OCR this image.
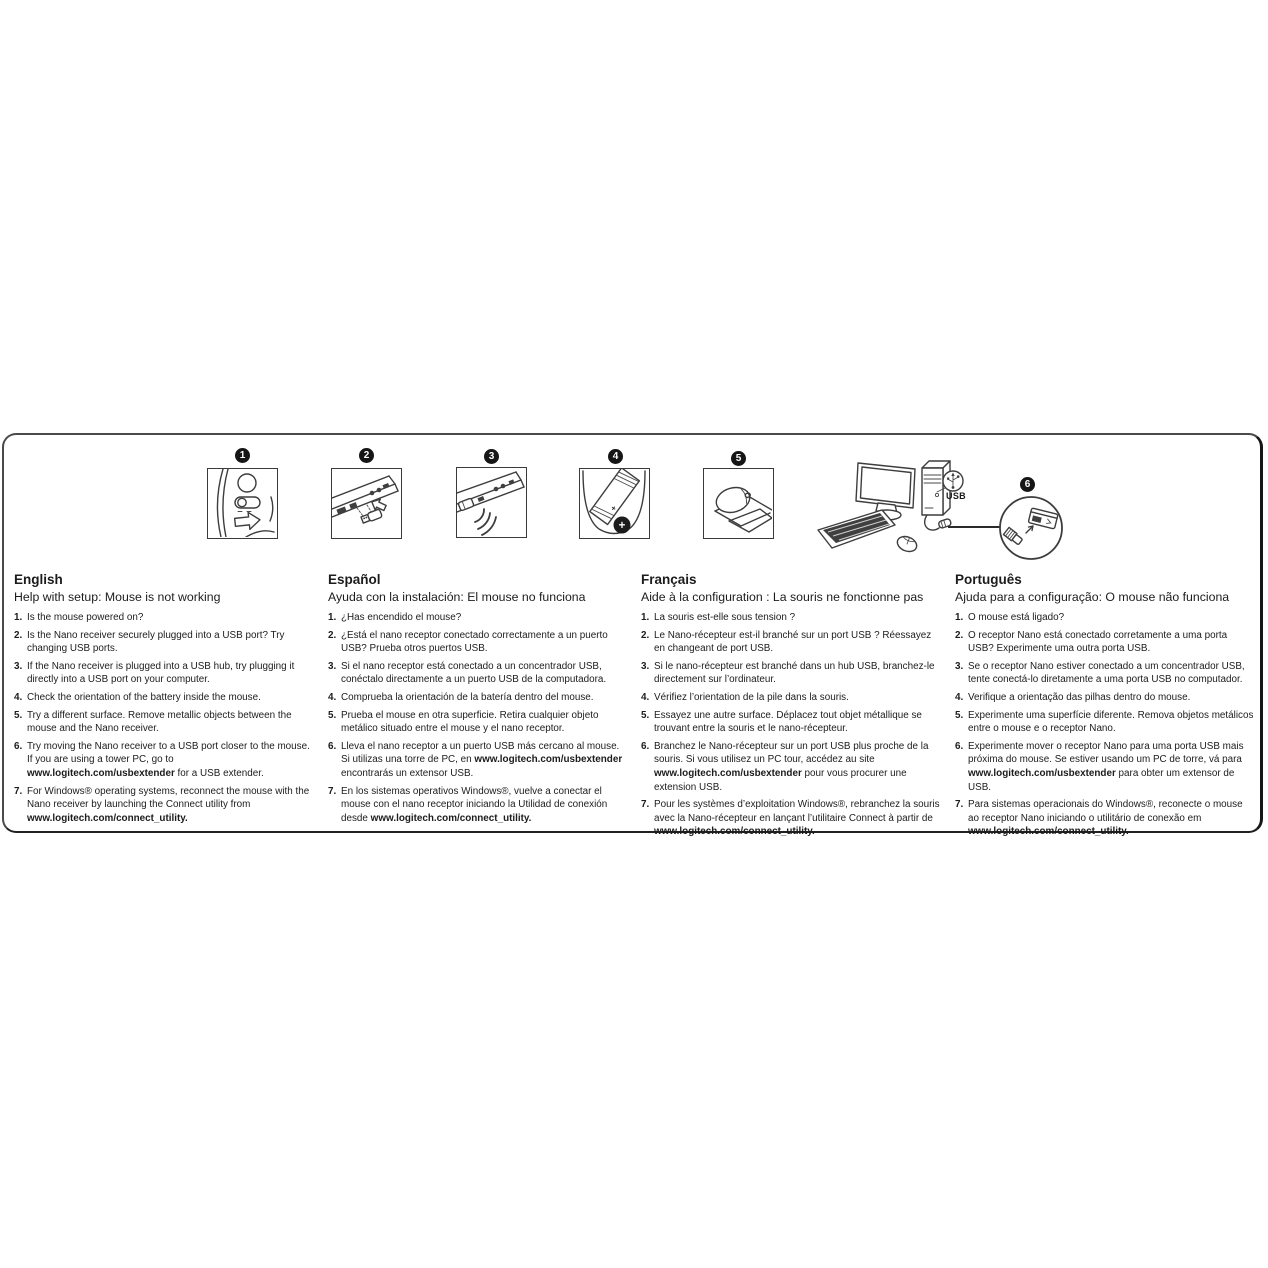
1	2	3	4	5
6
+
+
USB
English
Help with setup: Mouse is not working
1. Is the mouse powered on?
2. Is the Nano receiver securely plugged into a USB port? Try changing USB ports.
3. If the Nano receiver is plugged into a USB hub, try plugging it directly into a USB port on your computer.
4. Check the orientation of the battery inside the mouse.
5. Try a different surface. Remove metallic objects between the mouse and the Nano receiver.
6. Try moving the Nano receiver to a USB port closer to the mouse. If you are using a tower PC, go to www.logitech.com/usbextender for a USB extender.
7. For Windows® operating systems, reconnect the mouse with the Nano receiver by launching the Connect utility from www.logitech.com/connect_utility.
Español
Ayuda con la instalación: El mouse no funciona
1. ¿Has encendido el mouse?
2. ¿Está el nano receptor conectado correctamente a un puerto USB? Prueba otros puertos USB.
3. Si el nano receptor está conectado a un concentrador USB, conéctalo directamente a un puerto USB de la computadora.
4. Comprueba la orientación de la batería dentro del mouse.
5. Prueba el mouse en otra superficie. Retira cualquier objeto metálico situado entre el mouse y el nano receptor.
6. Lleva el nano receptor a un puerto USB más cercano al mouse. Si utilizas una torre de PC, en www.logitech.com/usbextender encontrarás un extensor USB.
7. En los sistemas operativos Windows®, vuelve a conectar el mouse con el nano receptor iniciando la Utilidad de conexión desde www.logitech.com/connect_utility.
Français
Aide à la configuration : La souris ne fonctionne pas
1. La souris est-elle sous tension ?
2. Le Nano-récepteur est-il branché sur un port USB ? Réessayez en changeant de port USB.
3. Si le nano-récepteur est branché dans un hub USB, branchez-le directement sur l’ordinateur.
4. Vérifiez l’orientation de la pile dans la souris.
5. Essayez une autre surface. Déplacez tout objet métallique se trouvant entre la souris et le nano-récepteur.
6. Branchez le Nano-récepteur sur un port USB plus proche de la souris. Si vous utilisez un PC tour, accédez au site www.logitech.com/usbextender pour vous procurer une extension USB.
7. Pour les systèmes d’exploitation Windows®, rebranchez la souris avec la Nano-récepteur en lançant l’utilitaire Connect à partir de www.logitech.com/connect_utility.
Português
Ajuda para a configuração: O mouse não funciona
1. O mouse está ligado?
2. O receptor Nano está conectado corretamente a uma porta USB? Experimente uma outra porta USB.
3. Se o receptor Nano estiver conectado a um concentrador USB, tente conectá-lo diretamente a uma porta USB no computador.
4. Verifique a orientação das pilhas dentro do mouse.
5. Experimente uma superfície diferente. Remova objetos metálicos entre o mouse e o receptor Nano.
6. Experimente mover o receptor Nano para uma porta USB mais próxima do mouse. Se estiver usando um PC de torre, vá para www.logitech.com/usbextender para obter um extensor de USB.
7. Para sistemas operacionais do Windows®, reconecte o mouse ao receptor Nano iniciando o utilitário de conexão em www.logitech.com/connect_utility.
